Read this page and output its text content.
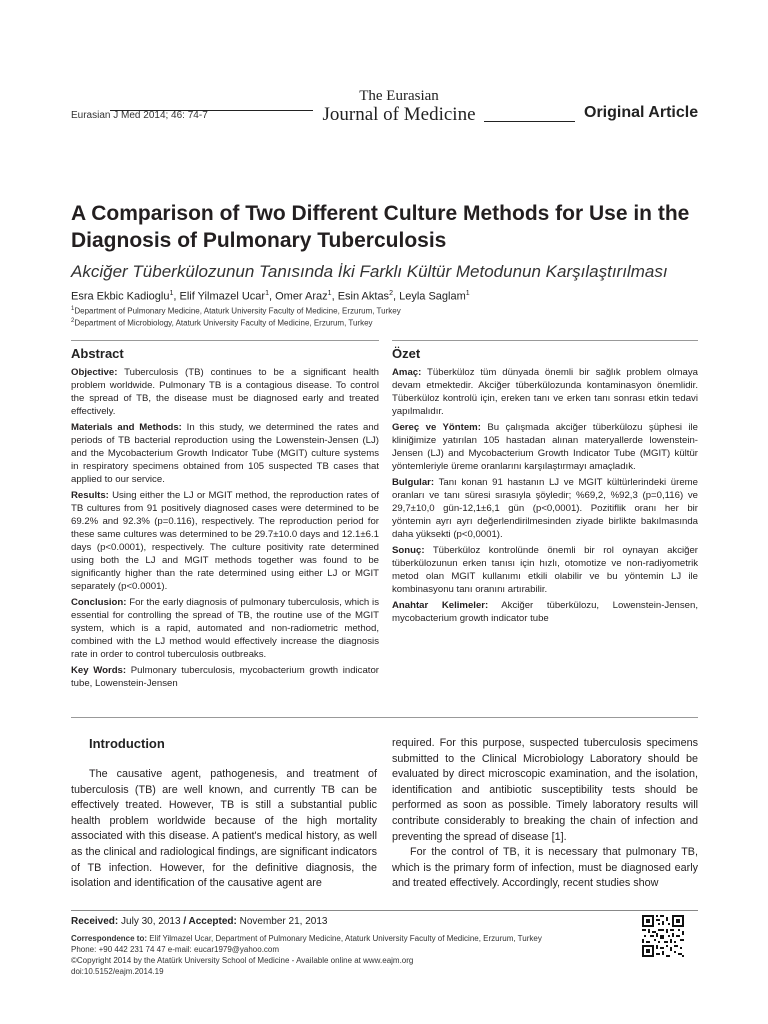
Eurasian J Med 2014; 46: 74-7
The Eurasian
Journal of Medicine	Original Article
A Comparison of Two Different Culture Methods for Use in the Diagnosis of Pulmonary Tuberculosis
Akciğer Tüberkülozunun Tanısında İki Farklı Kültür Metodunun Karşılaştırılması
Esra Ekbic Kadioglu$^1$, Elif Yilmazel Ucar$^1$, Omer Araz$^1$, Esin Aktas$^2$, Leyla Saglam$^1$
$^1$Department of Pulmonary Medicine, Ataturk University Faculty of Medicine, Erzurum, Turkey
$^2$Department of Microbiology, Ataturk University Faculty of Medicine, Erzurum, Turkey
Abstract	Özet

Objective: Tuberculosis (TB) continues to be a significant health problem worldwide. Pulmonary TB is a contagious disease. To control the spread of TB, the disease must be diagnosed early and treated effectively.

Materials and Methods: In this study, we determined the rates and periods of TB bacterial reproduction using the Lowenstein-Jensen (LJ) and the Mycobacterium Growth Indicator Tube (MGIT) culture systems in respiratory specimens obtained from 105 suspected TB cases that applied to our service.

Results: Using either the LJ or MGIT method, the reproduction rates of TB cultures from 91 positively diagnosed cases were determined to be 69.2% and 92.3% (p=0.116), respectively. The reproduction period for these same cultures was determined to be 29.7±10.0 days and 12.1±6.1 days (p<0.0001), respectively. The culture positivity rate determined using both the LJ and MGIT methods together was found to be significantly higher than the rate determined using either LJ or MGIT separately (p<0.0001).

Conclusion: For the early diagnosis of pulmonary tuberculosis, which is essential for controlling the spread of TB, the routine use of the MGIT system, which is a rapid, automated and non-radiometric method, combined with the LJ method would effectively increase the diagnosis rate in order to control tuberculosis outbreaks.

Key Words: Pulmonary tuberculosis, mycobacterium growth indicator tube, Lowenstein-Jensen

Amaç: Tüberküloz tüm dünyada önemli bir sağlık problem olmaya devam etmektedir. Akciğer tüberkülozunda kontaminasyon önemlidir. Tüberküloz kontrolü için, ereken tanı ve erken tanı sonrası etkin tedavi yapılmalıdır.

Gereç ve Yöntem: Bu çalışmada akciğer tüberkülozu şüphesi ile kliniğimize yatırılan 105 hastadan alınan materyallerde lowenstein-Jensen (LJ) and Mycobacterium Growth Indicator Tube (MGIT) kültür yöntemleriyle üreme oranlarını karşılaştırmayı amaçladık.

Bulgular: Tanı konan 91 hastanın LJ ve MGIT kültürlerindeki üreme oranları ve tanı süresi sırasıyla şöyledir; %69,2, %92,3 (p=0,116) ve 29,7±10,0 gün-12,1±6,1 gün (p<0,0001). Pozitiflik oranı her bir yöntemin ayrı ayrı değerlendirilmesinden ziyade birlikte bakılmasında daha yüksekti (p<0,0001).

Sonuç: Tüberküloz kontrolünde önemli bir rol oynayan akciğer tüberkülozunun erken tanısı için hızlı, otomotize ve non-radiyometrik metod olan MGIT kullanımı etkili olabilir ve bu yöntemin LJ ile kombinasyonu tanı oranını artırabilir.

Anahtar Kelimeler: Akciğer tüberkülozu, Lowenstein-Jensen, mycobacterium growth indicator tube

Introduction

The causative agent, pathogenesis, and treatment of tuberculosis (TB) are well known, and currently TB can be effectively treated. However, TB is still a substantial public health problem worldwide because of the high mortality associated with this disease. A patient's medical history, as well as the clinical and radiological findings, are significant indicators of TB infection. However, for the definitive diagnosis, the isolation and identification of the causative agent are

required. For this purpose, suspected tuberculosis specimens submitted to the Clinical Microbiology Laboratory should be evaluated by direct microscopic examination, and the isolation, identification and antibiotic susceptibility tests should be performed as soon as possible. Timely laboratory results will contribute considerably to breaking the chain of infection and preventing the spread of disease [1].

For the control of TB, it is necessary that pulmonary TB, which is the primary form of infection, must be diagnosed early and treated effectively. Accordingly, recent studies show

Received: July 30, 2013 / Accepted: November 21, 2013
Correspondence to: Elif Yilmazel Ucar, Department of Pulmonary Medicine, Ataturk University Faculty of Medicine, Erzurum, Turkey
Phone: +90 442 231 74 47 e-mail: eucar1979@yahoo.com
©Copyright 2014 by the Atatürk University School of Medicine - Available online at www.eajm.org
doi:10.5152/eajm.2014.19
